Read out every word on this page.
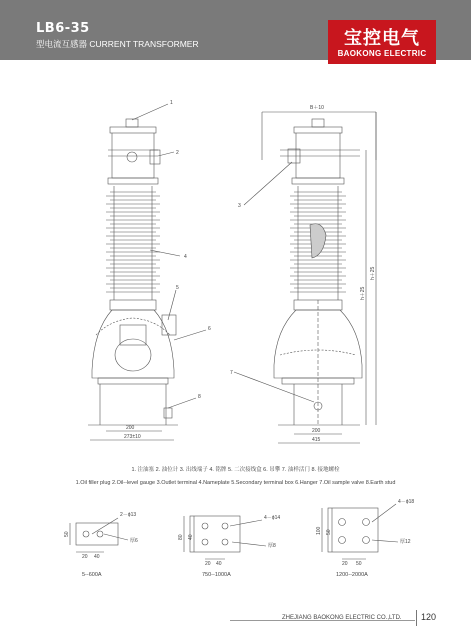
LB6-35
型电流互感器 CURRENT TRANSFORMER	宝控电气
BAOKONG ELECTRIC
1
2
3
4
5
6
7
8
B＋10
200
273±10
200
415
h＋25
h＋25
2－ϕ13
厚6
20 40
50
4－ϕ14
厚8
20 40
40
80
4－ϕ18
厚12
20 50
50
100
1. 注油塞 2. 油位计 3. 出线端子 4. 铭牌 5. 二次接线盒 6. 吊攀 7. 油样活门 8. 接地螺栓
1.Oil filler plug 2.Oil--level gauge 3.Outlet terminal 4.Nameplate 5.Secondary terminal box 6.Hanger 7.Oil sample valve 8.Earth stud
5--600A	750--1000A	1200--2000A
ZHEJIANG BAOKONG ELECTRIC CO.,LTD. 120
